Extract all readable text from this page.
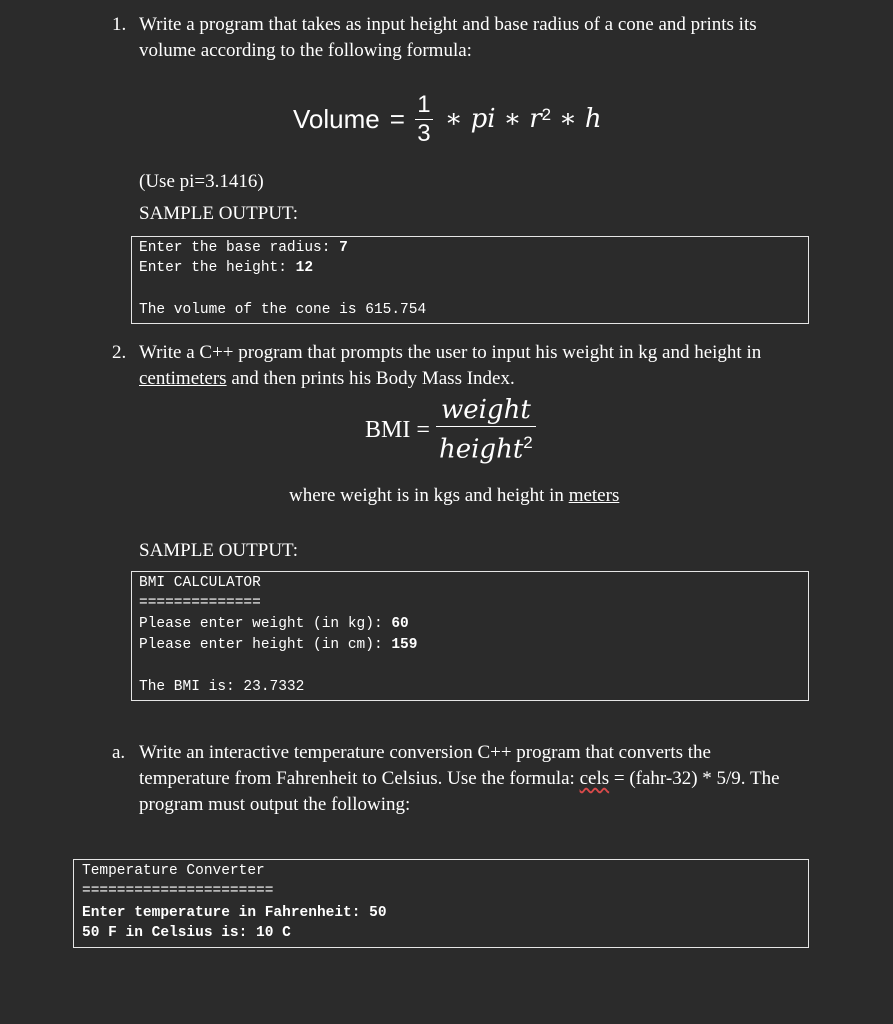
1. Write a program that takes as input height and base radius of a cone and prints its
volume according to the following formula:
Volume = $\frac{1}{3}$ ∗ pi ∗ $r^2$ ∗ h
(Use pi=3.1416)
SAMPLE OUTPUT:
Enter the base radius: 7
Enter the height: 12
The volume of the cone is 615.754
2. Write a C++ program that prompts the user to input his weight in kg and height in
centimeters and then prints his Body Mass Index.
BMI = $\frac{\text{weight}}{height^2}$
where weight is in kgs and height in meters
SAMPLE OUTPUT:
BMI CALCULATOR
==============
Please enter weight (in kg): 60
Please enter height (in cm): 159
The BMI is: 23.7332
a. Write an interactive temperature conversion C++ program that converts the
temperature from Fahrenheit to Celsius. Use the formula: cels = (fahr-32) * 5/9. The
program must output the following:
Temperature Converter
======================
Enter temperature in Fahrenheit: 50
50 F in Celsius is: 10 C
